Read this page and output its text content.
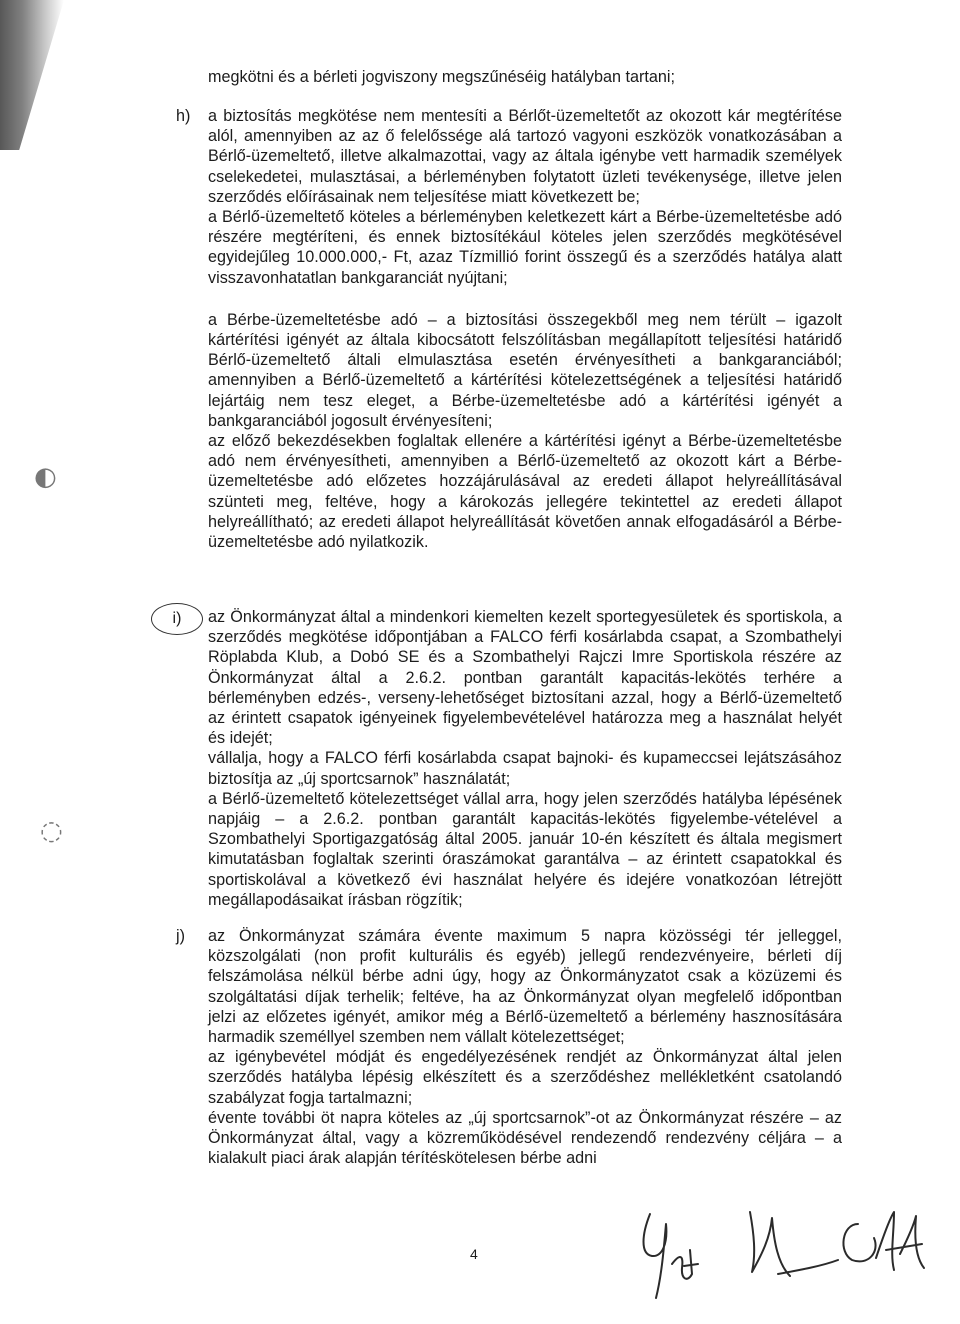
◐
◌

megkötni és a bérleti jogviszony megszűnéséig hatályban tartani;

h) a biztosítás megkötése nem mentesíti a Bérlőt-üzemeltetőt az okozott kár megtérítése alól, amennyiben az az ő felelőssége alá tartozó vagyoni eszközök vonatkozásában a Bérlő-üzemeltető, illetve alkalmazottai, vagy az általa igénybe vett harmadik személyek cselekedetei, mulasztásai, a bérleményben folytatott üzleti tevékenysége, illetve jelen szerződés előírásainak nem teljesítése miatt következett be;

a Bérlő-üzemeltető köteles a bérleményben keletkezett kárt a Bérbe-üzemeltetésbe adó részére megtéríteni, és ennek biztosítékául köteles jelen szerződés megkötésével egyidejűleg 10.000.000,- Ft, azaz Tízmillió forint összegű és a szerződés hatálya alatt visszavonhatatlan bankgaranciát nyújtani;

a Bérbe-üzemeltetésbe adó – a biztosítási összegekből meg nem térült – igazolt kártérítési igényét az általa kibocsátott felszólításban megállapított teljesítési határidő Bérlő-üzemeltető általi elmulasztása esetén érvényesítheti a bankgaranciából; amennyiben a Bérlő-üzemeltető a kártérítési kötelezettségének a teljesítési határidő lejártáig nem tesz eleget, a Bérbe-üzemeltetésbe adó a kártérítési igényét a bankgaranciából jogosult érvényesíteni;

az előző bekezdésekben foglaltak ellenére a kártérítési igényt a Bérbe-üzemeltetésbe adó nem érvényesítheti, amennyiben a Bérlő-üzemeltető az okozott kárt a Bérbe-üzemeltetésbe adó előzetes hozzájárulásával az eredeti állapot helyreállításával szünteti meg, feltéve, hogy a károkozás jellegére tekintettel az eredeti állapot helyreállítható; az eredeti állapot helyreállítását követően annak elfogadásáról a Bérbe-üzemeltetésbe adó nyilatkozik.

i)	az Önkormányzat által a mindenkori kiemelten kezelt sportegyesületek és sportiskola, a szerződés megkötése időpontjában a FALCO férfi kosárlabda csapat, a Szombathelyi Röplabda Klub, a Dobó SE és a Szombathelyi Rajczi Imre Sportiskola részére az Önkormányzat által a 2.6.2. pontban garantált kapacitás-lekötés terhére a bérleményben edzés-, verseny-lehetőséget biztosítani azzal, hogy a Bérlő-üzemeltető az érintett csapatok igényeinek figyelembevételével határozza meg a használat helyét és idejét;

vállalja, hogy a FALCO férfi kosárlabda csapat bajnoki- és kupameccsei lejátszásához biztosítja az „új sportcsarnok” használatát;

a Bérlő-üzemeltető kötelezettséget vállal arra, hogy jelen szerződés hatályba lépésének napjáig – a 2.6.2. pontban garantált kapacitás-lekötés figyelembe-vételével a Szombathelyi Sportigazgatóság által 2005. január 10-én készített és általa megismert kimutatásban foglaltak szerinti óraszámokat garantálva – az érintett csapatokkal és sportiskolával a következő évi használat helyére és idejére vonatkozóan létrejött megállapodásaikat írásban rögzítik;

j) az Önkormányzat számára évente maximum 5 napra közösségi tér jelleggel, közszolgálati (non profit kulturális és egyéb) jellegű rendezvényeire, bérleti díj felszámolása nélkül bérbe adni úgy, hogy az Önkormányzatot csak a közüzemi és szolgáltatási díjak terhelik; feltéve, ha az Önkormányzat olyan megfelelő időpontban jelzi az előzetes igényét, amikor még a Bérlő-üzemeltető a bérlemény hasznosítására harmadik személlyel szemben nem vállalt kötelezettséget;

az igénybevétel módját és engedélyezésének rendjét az Önkormányzat által jelen szerződés hatályba lépésig elkészített és a szerződéshez mellékletként csatolandó szabályzat fogja tartalmazni;

évente további öt napra köteles az „új sportcsarnok”-ot az Önkormányzat részére – az Önkormányzat által, vagy a közreműködésével rendezendő rendezvény céljára – a kialakult piaci árak alapján térítéskötelesen bérbe adni

4
